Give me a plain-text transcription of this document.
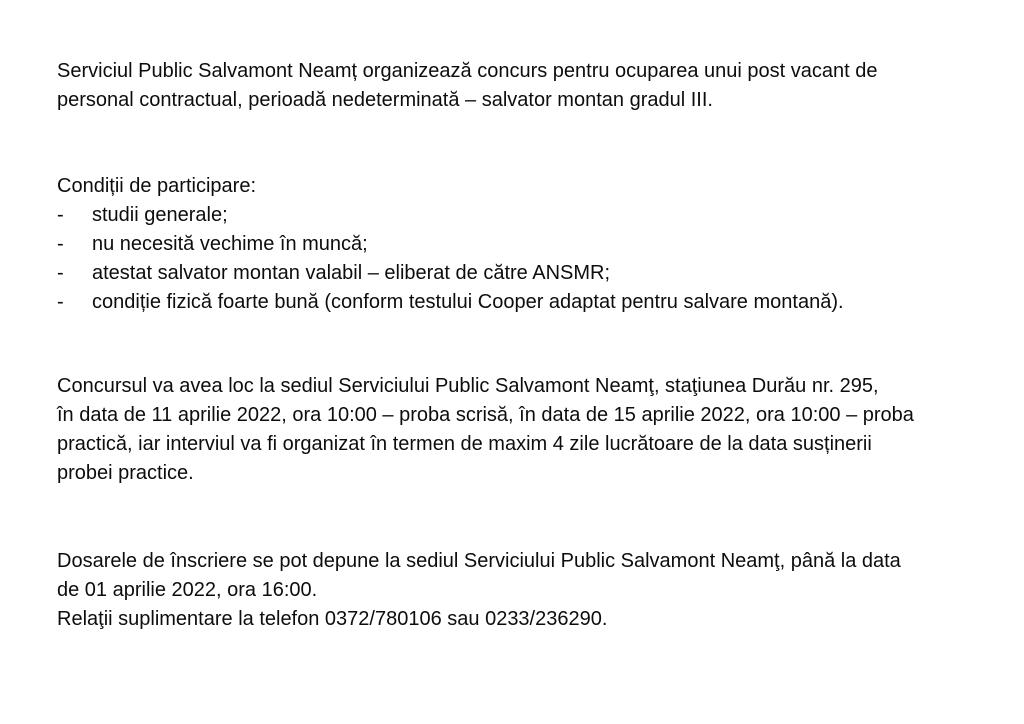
Serviciul Public Salvamont Neamț organizează concurs pentru ocuparea unui post vacant de
personal contractual, perioadă nedeterminată – salvator montan gradul III.
Condiții de participare:
-	studii generale;
-	nu necesită vechime în muncă;
-	atestat salvator montan valabil – eliberat de către ANSMR;
-	condiție fizică foarte bună (conform testului Cooper adaptat pentru salvare montană).
Concursul va avea loc la sediul Serviciului Public Salvamont Neamţ, staţiunea Durău nr. 295,
în data de 11 aprilie 2022, ora 10:00 – proba scrisă, în data de 15 aprilie 2022, ora 10:00 – proba
practică, iar interviul va fi organizat în termen de maxim 4 zile lucrătoare de la data susținerii
probei practice.
Dosarele de înscriere se pot depune la sediul Serviciului Public Salvamont Neamţ, până la data
de 01 aprilie 2022, ora 16:00.
Relaţii suplimentare la telefon 0372/780106 sau 0233/236290.
